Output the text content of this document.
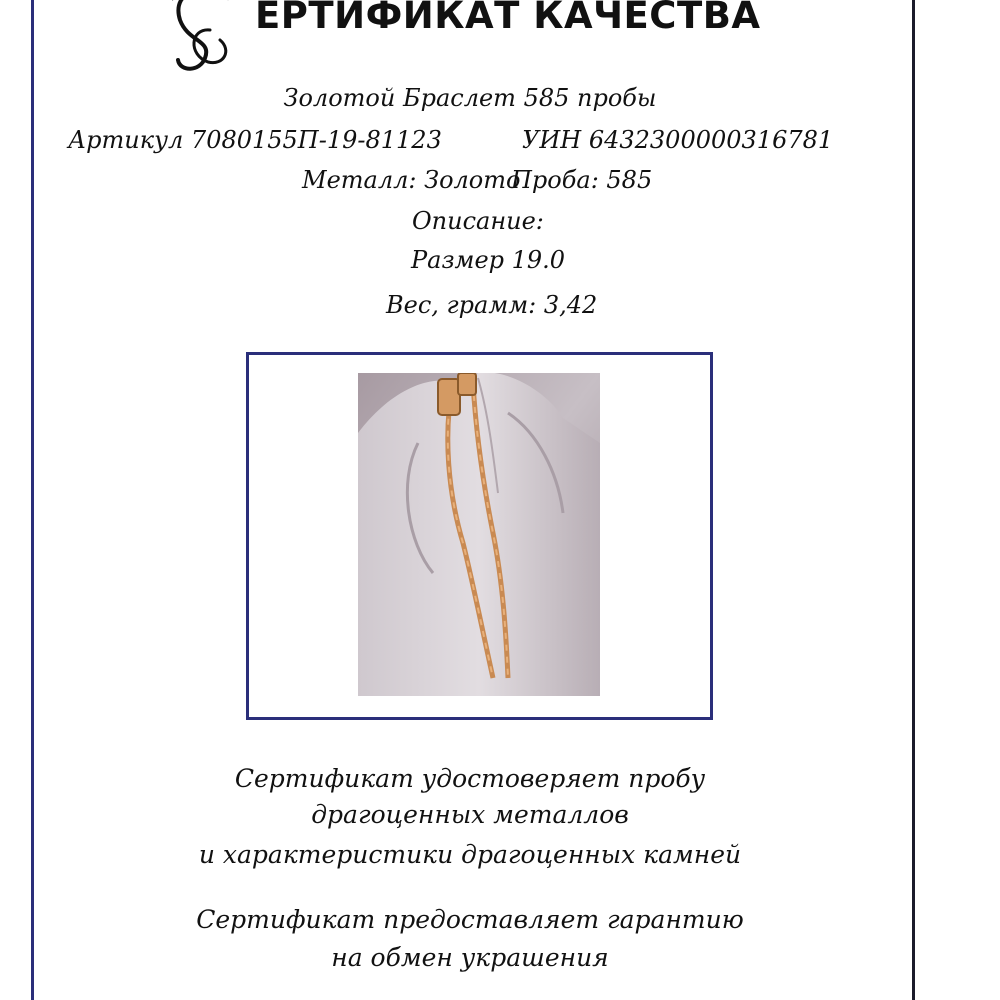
ЕРТИФИКАТ КАЧЕСТВА
Золотой Браслет 585 пробы
Артикул 7080155П-19-81123	УИН 6432300000316781
Металл: Золото
Проба: 585
Описание:
Размер 19.0
Вес, грамм: 3,42
Сертификат удостоверяет пробу
драгоценных металлов
и характеристики драгоценных камней
Сертификат предоставляет гарантию
на обмен украшения
